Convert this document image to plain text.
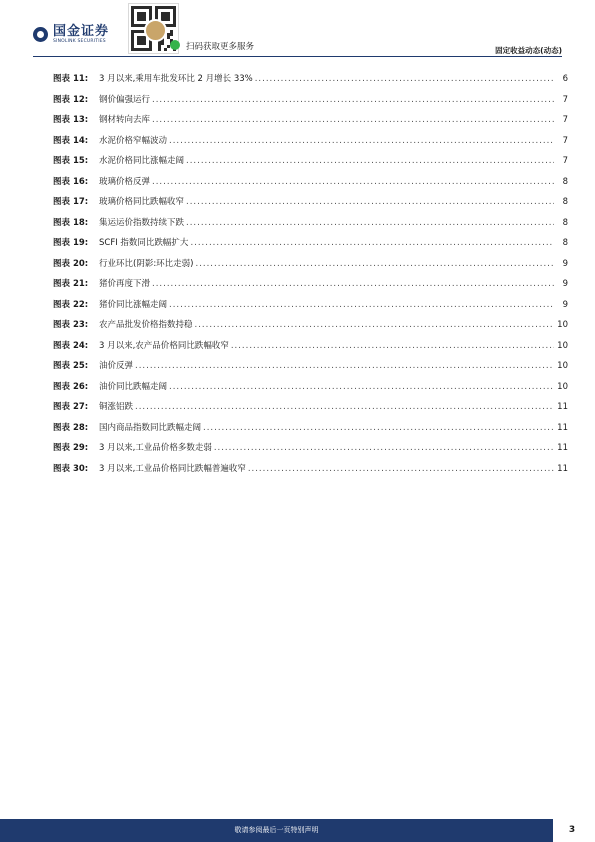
国金证券
SINOLINK SECURITIES
扫码获取更多服务	固定收益动态(动态)
图表 11:	3 月以来,乘用车批发环比 2 月增长 33% .....	6
图表 12:	钢价偏强运行 .....	7
图表 13:	钢材转向去库 .....	7
图表 14:	水泥价格窄幅波动 .....	7
图表 15:	水泥价格同比涨幅走阔 .....	7
图表 16:	玻璃价格反弹 .....	8
图表 17:	玻璃价格同比跌幅收窄 .....	8
图表 18:	集运运价指数持续下跌 .....	8
图表 19:	SCFI 指数同比跌幅扩大 .....	8
图表 20:	行业环比(阴影:环比走弱) .....	9
图表 21:	猪价再度下滑 .....	9
图表 22:	猪价同比涨幅走阔 .....	9
图表 23:	农产品批发价格指数持稳 .....	10
图表 24:	3 月以来,农产品价格同比跌幅收窄 .....	10
图表 25:	油价反弹 .....	10
图表 26:	油价同比跌幅走阔 .....	10
图表 27:	铜涨铝跌 .....	11
图表 28:	国内商品指数同比跌幅走阔 .....	11
图表 29:	3 月以来,工业品价格多数走弱 .....	11
图表 30:	3 月以来,工业品价格同比跌幅普遍收窄 .....	11
敬请参阅最后一页特别声明	3
